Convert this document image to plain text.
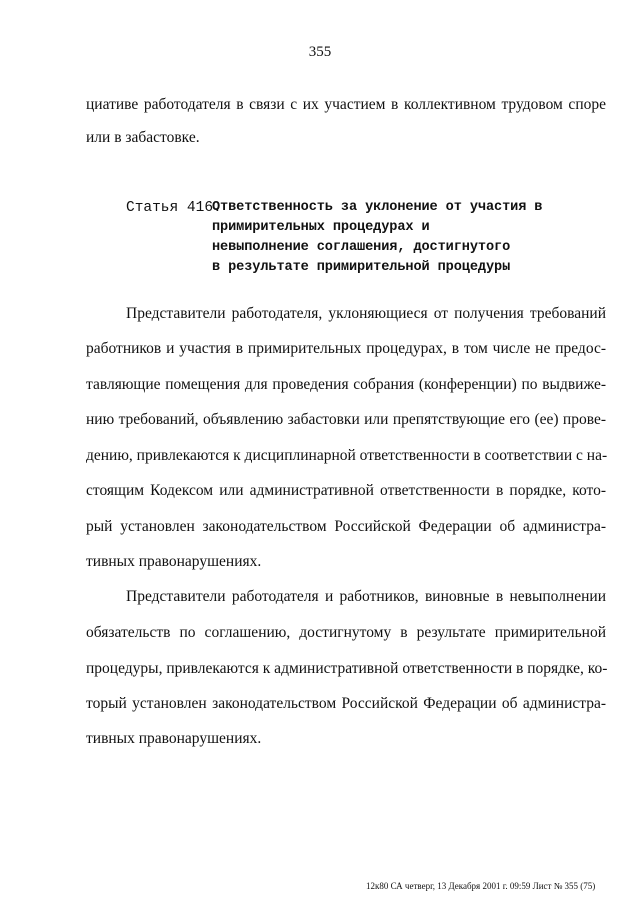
355
циативе работодателя в связи с их участием в коллективном трудовом споре
или в забастовке.
Статья 416.
Ответственность за уклонение от участия в
примирительных процедурах и
невыполнение соглашения, достигнутого
в результате примирительной процедуры
Представители работодателя, уклоняющиеся от получения требований
работников и участия в примирительных процедурах, в том числе не предос-
тавляющие помещения для проведения собрания (конференции) по выдвиже-
нию требований, объявлению забастовки или препятствующие его (ее) прове-
дению, привлекаются к дисциплинарной ответственности в соответствии с на-
стоящим Кодексом или административной ответственности в порядке, кото-
рый установлен законодательством Российской Федерации об администра-
тивных правонарушениях.
Представители работодателя и работников, виновные в невыполнении
обязательств по соглашению, достигнутому в результате примирительной
процедуры, привлекаются к административной ответственности в порядке, ко-
торый установлен законодательством Российской Федерации об администра-
тивных правонарушениях.
12к80 СА четверг, 13 Декабря 2001 г. 09:59 Лист № 355 (75)
